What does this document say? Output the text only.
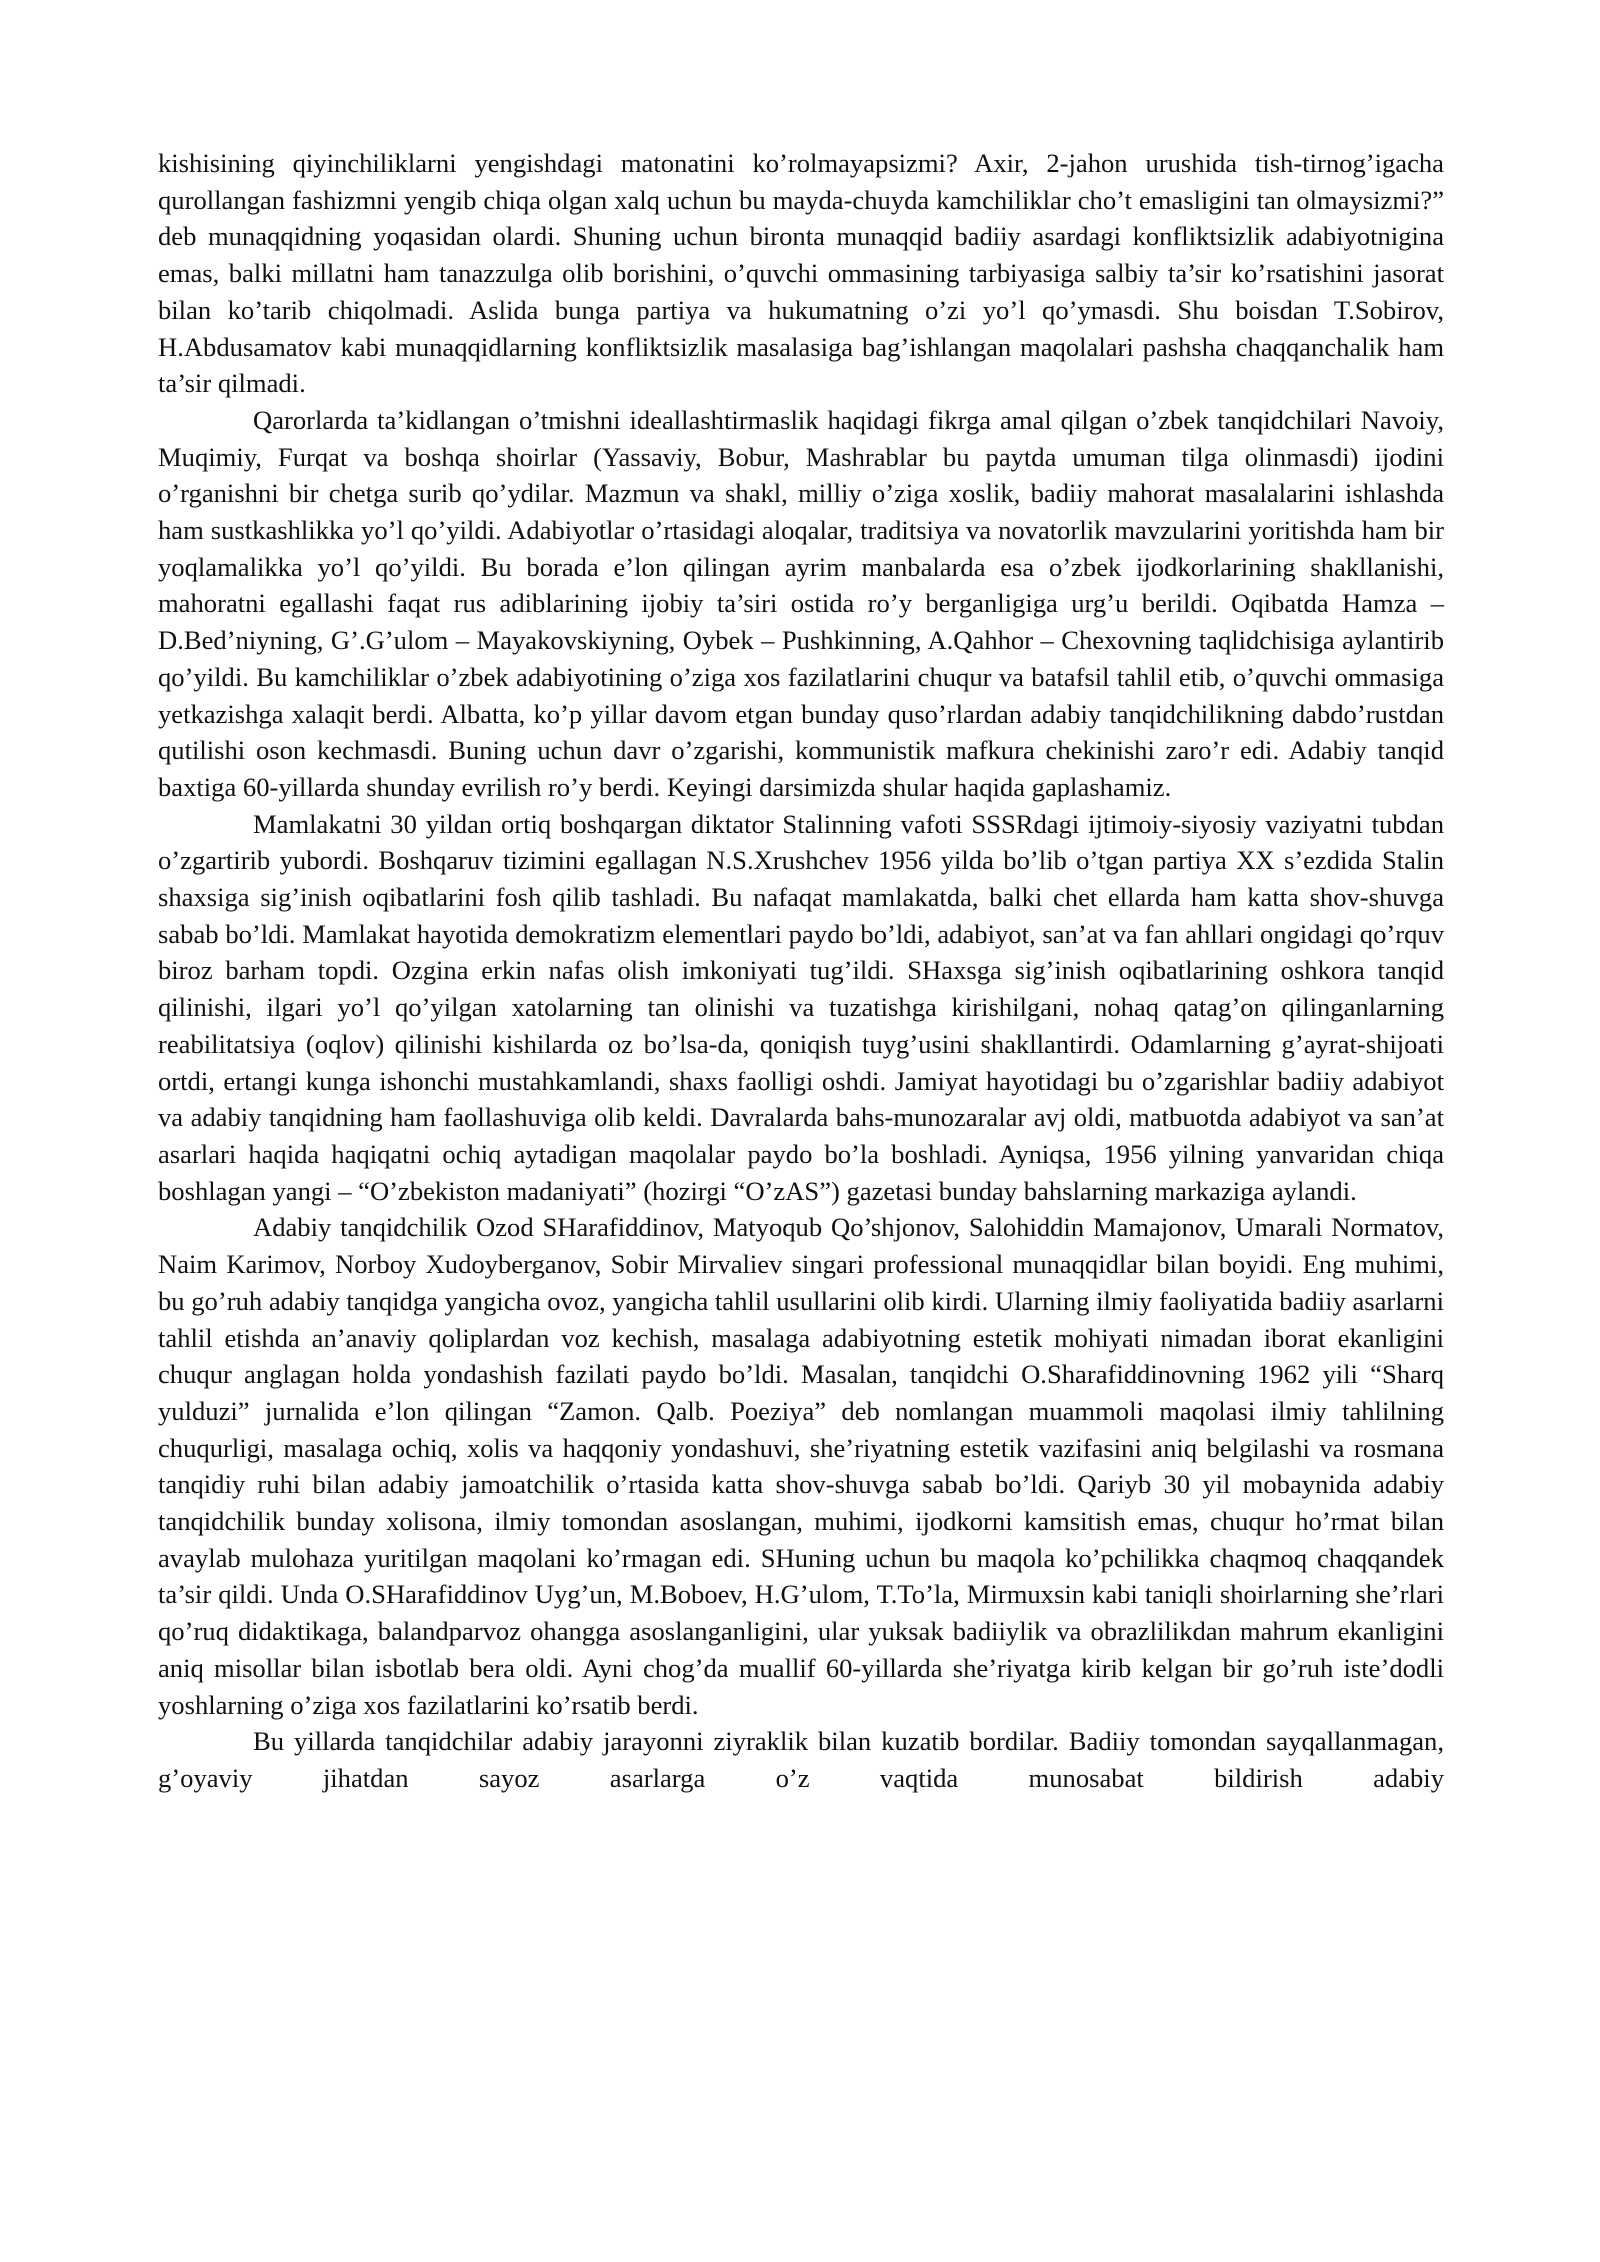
kishisining qiyinchiliklarni yengishdagi matonatini ko’rolmayapsizmi? Axir, 2-jahon urushida tish-tirnog’igacha qurollangan fashizmni yengib chiqa olgan xalq uchun bu mayda-chuyda kamchiliklar cho’t emasligini tan olmaysizmi?” deb munaqqidning yoqasidan olardi. Shuning uchun bironta munaqqid badiiy asardagi konfliktsizlik adabiyotnigina emas, balki millatni ham tanazzulga olib borishini, o’quvchi ommasining tarbiyasiga salbiy ta’sir ko’rsatishini jasorat bilan ko’tarib chiqolmadi. Aslida bunga partiya va hukumatning o’zi yo’l qo’ymasdi. Shu boisdan T.Sobirov, H.Abdusamatov kabi munaqqidlarning konfliktsizlik masalasiga bag’ishlangan maqolalari pashsha chaqqanchalik ham ta’sir qilmadi.

Qarorlarda ta’kidlangan o’tmishni ideallashtirmaslik haqidagi fikrga amal qilgan o’zbek tanqidchilari Navoiy, Muqimiy, Furqat va boshqa shoirlar (Yassaviy, Bobur, Mashrablar bu paytda umuman tilga olinmasdi) ijodini o’rganishni bir chetga surib qo’ydilar. Mazmun va shakl, milliy o’ziga xoslik, badiiy mahorat masalalarini ishlashda ham sustkashlikka yo’l qo’yildi. Adabiyotlar o’rtasidagi aloqalar, traditsiya va novatorlik mavzularini yoritishda ham bir yoqlamalikka yo’l qo’yildi. Bu borada e’lon qilingan ayrim manbalarda esa o’zbek ijodkorlarining shakllanishi, mahoratni egallashi faqat rus adiblarining ijobiy ta’siri ostida ro’y berganligiga urg’u berildi. Oqibatda Hamza – D.Bed’niyning, G’.G’ulom – Mayakovskiyning, Oybek – Pushkinning, A.Qahhor – Chexovning taqlidchisiga aylantirib qo’yildi. Bu kamchiliklar o’zbek adabiyotining o’ziga xos fazilatlarini chuqur va batafsil tahlil etib, o’quvchi ommasiga yetkazishga xalaqit berdi. Albatta, ko’p yillar davom etgan bunday quso’rlardan adabiy tanqidchilikning dabdo’rustdan qutilishi oson kechmasdi. Buning uchun davr o’zgarishi, kommunistik mafkura chekinishi zaro’r edi. Adabiy tanqid baxtiga 60-yillarda shunday evrilish ro’y berdi. Keyingi darsimizda shular haqida gaplashamiz.

Mamlakatni 30 yildan ortiq boshqargan diktator Stalinning vafoti SSSRdagi ijtimoiy-siyosiy vaziyatni tubdan o’zgartirib yubordi. Boshqaruv tizimini egallagan N.S.Xrushchev 1956 yilda bo’lib o’tgan partiya XX s’ezdida Stalin shaxsiga sig’inish oqibatlarini fosh qilib tashladi. Bu nafaqat mamlakatda, balki chet ellarda ham katta shov-shuvga sabab bo’ldi. Mamlakat hayotida demokratizm elementlari paydo bo’ldi, adabiyot, san’at va fan ahllari ongidagi qo’rquv biroz barham topdi. Ozgina erkin nafas olish imkoniyati tug’ildi. SHaxsga sig’inish oqibatlarining oshkora tanqid qilinishi, ilgari yo’l qo’yilgan xatolarning tan olinishi va tuzatishga kirishilgani, nohaq qatag’on qilinganlarning reabilitatsiya (oqlov) qilinishi kishilarda oz bo’lsa-da, qoniqish tuyg’usini shakllantirdi. Odamlarning g’ayrat-shijoati ortdi, ertangi kunga ishonchi mustahkamlandi, shaxs faolligi oshdi. Jamiyat hayotidagi bu o’zgarishlar badiiy adabiyot va adabiy tanqidning ham faollashuviga olib keldi. Davralarda bahs-munozaralar avj oldi, matbuotda adabiyot va san’at asarlari haqida haqiqatni ochiq aytadigan maqolalar paydo bo’la boshladi. Ayniqsa, 1956 yilning yanvaridan chiqa boshlagan yangi – “O’zbekiston madaniyati” (hozirgi “O’zAS”) gazetasi bunday bahslarning markaziga aylandi.

Adabiy tanqidchilik Ozod SHarafiddinov, Matyoqub Qo’shjonov, Salohiddin Mamajonov, Umarali Normatov, Naim Karimov, Norboy Xudoyberganov, Sobir Mirvaliev singari professional munaqqidlar bilan boyidi. Eng muhimi, bu go’ruh adabiy tanqidga yangicha ovoz, yangicha tahlil usullarini olib kirdi. Ularning ilmiy faoliyatida badiiy asarlarni tahlil etishda an’anaviy qoliplardan voz kechish, masalaga adabiyotning estetik mohiyati nimadan iborat ekanligini chuqur anglagan holda yondashish fazilati paydo bo’ldi. Masalan, tanqidchi O.Sharafiddinovning 1962 yili “Sharq yulduzi” jurnalida e’lon qilingan “Zamon. Qalb. Poeziya” deb nomlangan muammoli maqolasi ilmiy tahlilning chuqurligi, masalaga ochiq, xolis va haqqoniy yondashuvi, she’riyatning estetik vazifasini aniq belgilashi va rosmana tanqidiy ruhi bilan adabiy jamoatchilik o’rtasida katta shov-shuvga sabab bo’ldi. Qariyb 30 yil mobaynida adabiy tanqidchilik bunday xolisona, ilmiy tomondan asoslangan, muhimi, ijodkorni kamsitish emas, chuqur ho’rmat bilan avaylab mulohaza yuritilgan maqolani ko’rmagan edi. SHuning uchun bu maqola ko’pchilikka chaqmoq chaqqandek ta’sir qildi. Unda O.SHarafiddinov Uyg’un, M.Boboev, H.G’ulom, T.To’la, Mirmuxsin kabi taniqli shoirlarning she’rlari qo’ruq didaktikaga, balandparvoz ohangga asoslanganligini, ular yuksak badiiylik va obrazlilikdan mahrum ekanligini aniq misollar bilan isbotlab bera oldi. Ayni chog’da muallif 60-yillarda she’riyatga kirib kelgan bir go’ruh iste’dodli yoshlarning o’ziga xos fazilatlarini ko’rsatib berdi.

Bu yillarda tanqidchilar adabiy jarayonni ziyraklik bilan kuzatib bordilar. Badiiy tomondan sayqallanmagan, g’oyaviy jihatdan sayoz asarlarga o’z vaqtida munosabat bildirish adabiy
